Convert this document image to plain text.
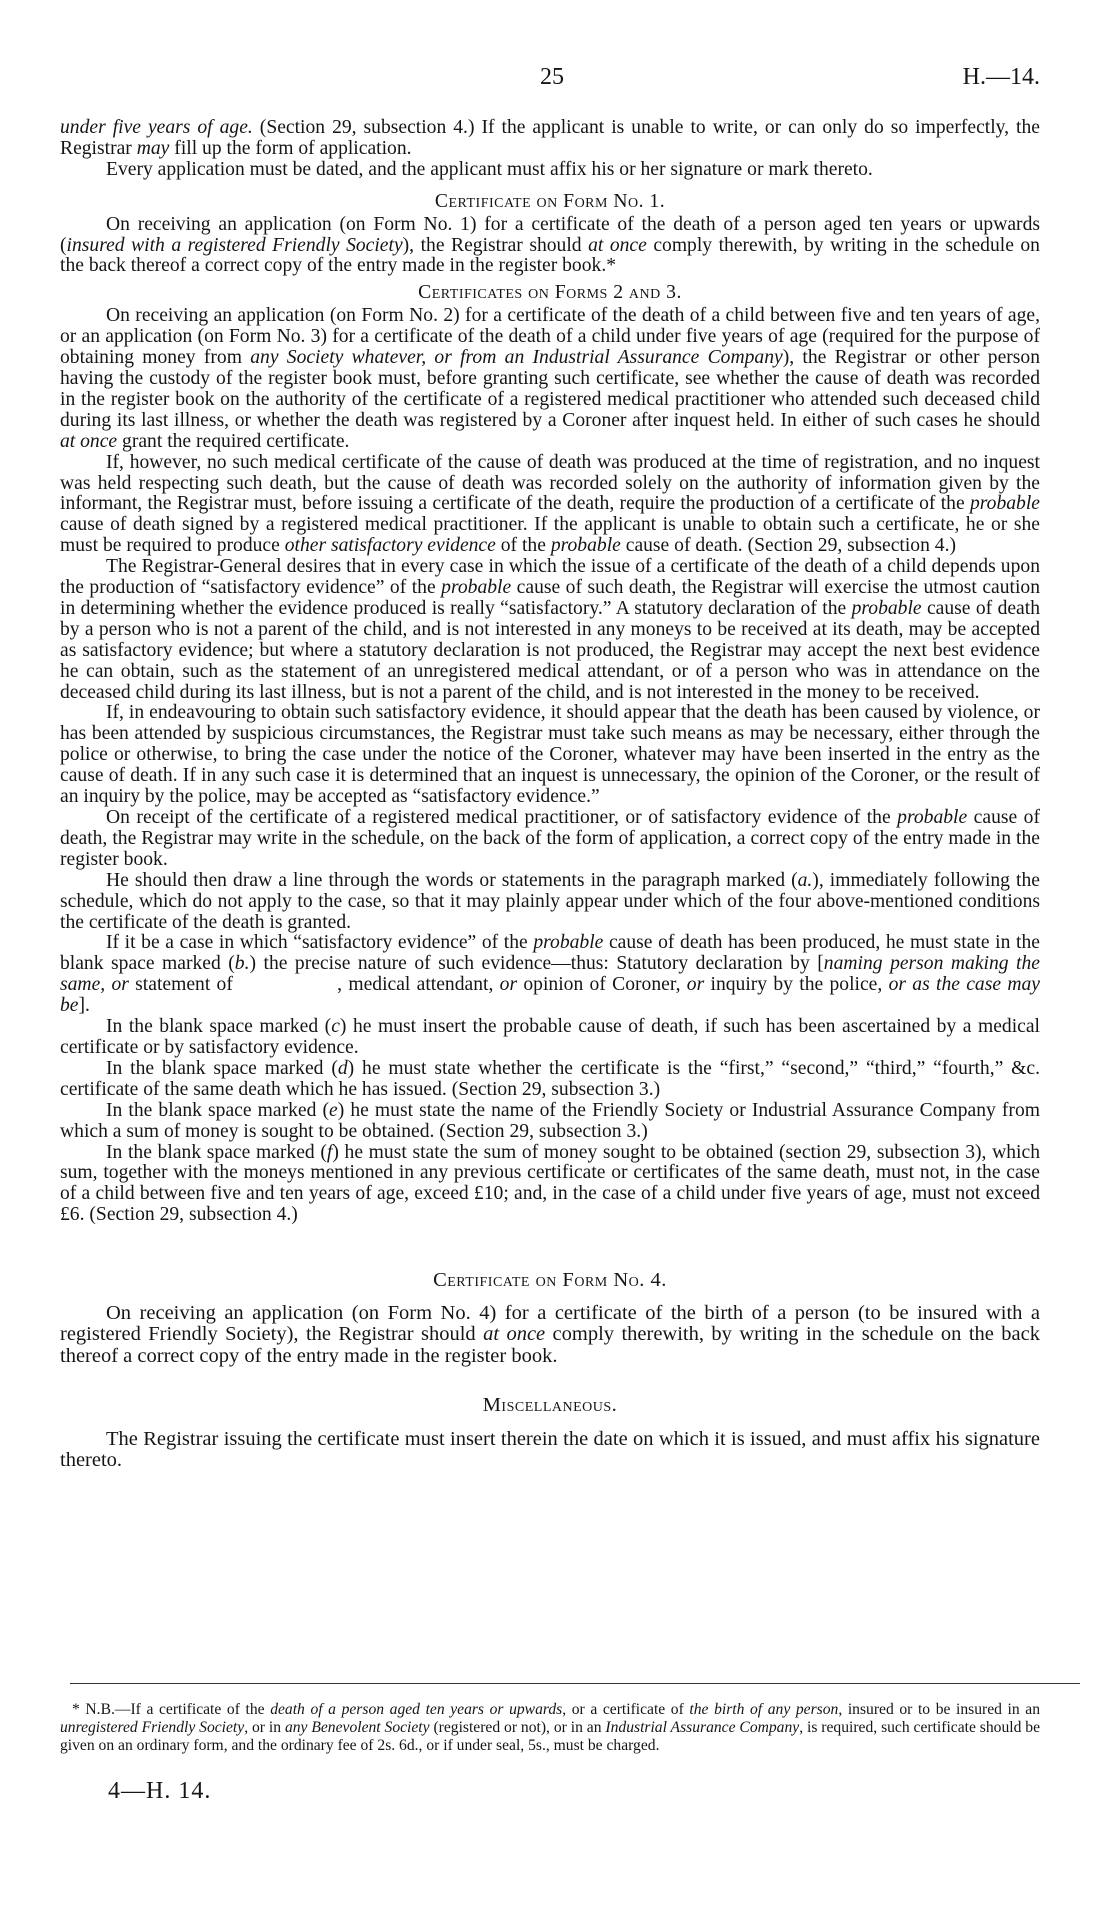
25	H.—14.

under five years of age. (Section 29, subsection 4.) If the applicant is unable to write, or can only do so imperfectly, the Registrar may fill up the form of application.

Every application must be dated, and the applicant must affix his or her signature or mark thereto.

Certificate on Form No. 1.

On receiving an application (on Form No. 1) for a certificate of the death of a person aged ten years or upwards (insured with a registered Friendly Society), the Registrar should at once comply therewith, by writing in the schedule on the back thereof a correct copy of the entry made in the register book.*

Certificates on Forms 2 and 3.

On receiving an application (on Form No. 2) for a certificate of the death of a child between five and ten years of age, or an application (on Form No. 3) for a certificate of the death of a child under five years of age (required for the purpose of obtaining money from any Society whatever, or from an Industrial Assurance Company), the Registrar or other person having the custody of the register book must, before granting such certificate, see whether the cause of death was recorded in the register book on the authority of the certificate of a registered medical practitioner who attended such deceased child during its last illness, or whether the death was registered by a Coroner after inquest held. In either of such cases he should at once grant the required certificate.

If, however, no such medical certificate of the cause of death was produced at the time of registration, and no inquest was held respecting such death, but the cause of death was recorded solely on the authority of information given by the informant, the Registrar must, before issuing a certificate of the death, require the production of a certificate of the probable cause of death signed by a registered medical practitioner. If the applicant is unable to obtain such a certificate, he or she must be required to produce other satisfactory evidence of the probable cause of death. (Section 29, subsection 4.)

The Registrar-General desires that in every case in which the issue of a certificate of the death of a child depends upon the production of “satisfactory evidence” of the probable cause of such death, the Registrar will exercise the utmost caution in determining whether the evidence produced is really “satisfactory.” A statutory declaration of the probable cause of death by a person who is not a parent of the child, and is not interested in any moneys to be received at its death, may be accepted as satisfactory evidence; but where a statutory declaration is not produced, the Registrar may accept the next best evidence he can obtain, such as the statement of an unregistered medical attendant, or of a person who was in attendance on the deceased child during its last illness, but is not a parent of the child, and is not interested in the money to be received.

If, in endeavouring to obtain such satisfactory evidence, it should appear that the death has been caused by violence, or has been attended by suspicious circumstances, the Registrar must take such means as may be necessary, either through the police or otherwise, to bring the case under the notice of the Coroner, whatever may have been inserted in the entry as the cause of death. If in any such case it is determined that an inquest is unnecessary, the opinion of the Coroner, or the result of an inquiry by the police, may be accepted as “satisfactory evidence.”

On receipt of the certificate of a registered medical practitioner, or of satisfactory evidence of the probable cause of death, the Registrar may write in the schedule, on the back of the form of application, a correct copy of the entry made in the register book.

He should then draw a line through the words or statements in the paragraph marked (a.), immediately following the schedule, which do not apply to the case, so that it may plainly appear under which of the four above-mentioned conditions the certificate of the death is granted.

If it be a case in which “satisfactory evidence” of the probable cause of death has been produced, he must state in the blank space marked (b.) the precise nature of such evidence—thus: Statutory declaration by [naming person making the same, or statement of      	, medical attendant, or opinion of Coroner, or inquiry by the police, or as the case may be].

In the blank space marked (c) he must insert the probable cause of death, if such has been ascertained by a medical certificate or by satisfactory evidence.

In the blank space marked (d) he must state whether the certificate is the “first,” “second,” “third,” “fourth,” &c. certificate of the same death which he has issued. (Section 29, subsection 3.)

In the blank space marked (e) he must state the name of the Friendly Society or Industrial Assurance Company from which a sum of money is sought to be obtained. (Section 29, subsection 3.)

In the blank space marked (f) he must state the sum of money sought to be obtained (section 29, subsection 3), which sum, together with the moneys mentioned in any previous certificate or certificates of the same death, must not, in the case of a child between five and ten years of age, exceed £10; and, in the case of a child under five years of age, must not exceed £6. (Section 29, subsection 4.)

Certificate on Form No. 4.

On receiving an application (on Form No. 4) for a certificate of the birth of a person (to be insured with a registered Friendly Society), the Registrar should at once comply therewith, by writing in the schedule on the back thereof a correct copy of the entry made in the register book.

Miscellaneous.

The Registrar issuing the certificate must insert therein the date on which it is issued, and must affix his signature thereto.

* N.B.—If a certificate of the death of a person aged ten years or upwards, or a certificate of the birth of any person, insured or to be insured in an unregistered Friendly Society, or in any Benevolent Society (registered or not), or in an Industrial Assurance Company, is required, such certificate should be given on an ordinary form, and the ordinary fee of 2s. 6d., or if under seal, 5s., must be charged.

4—H. 14.
